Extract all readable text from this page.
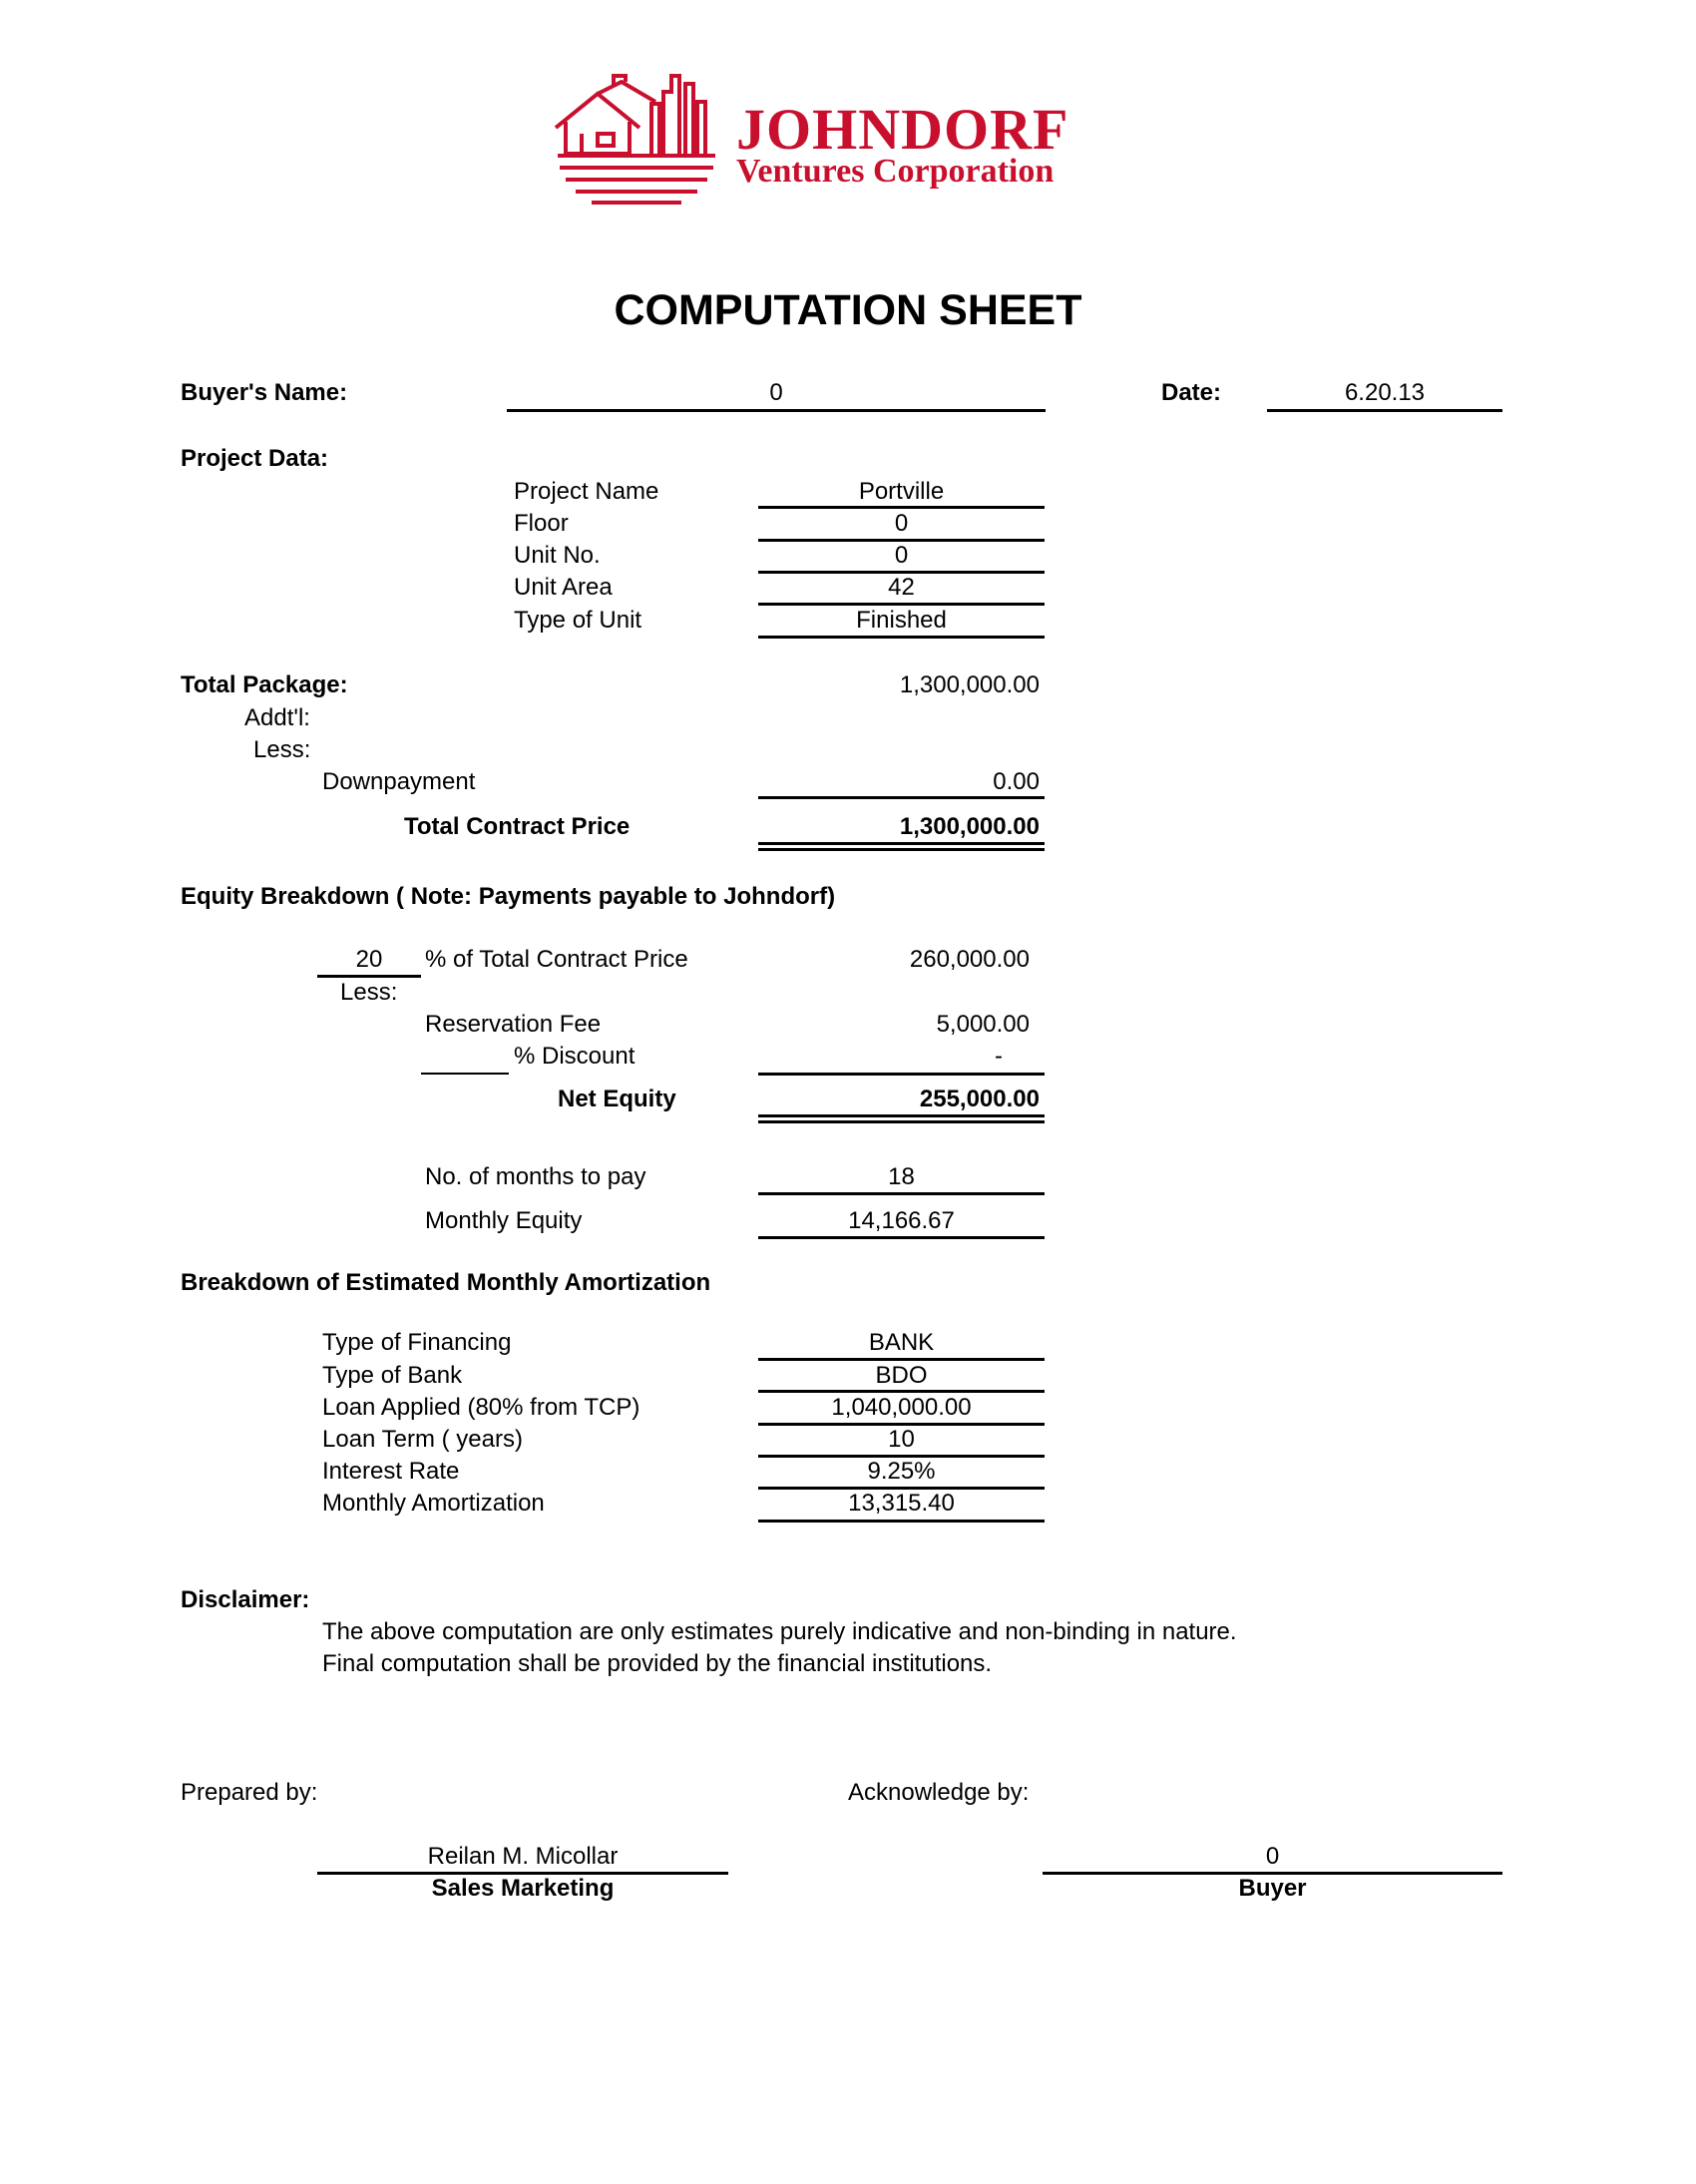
JOHNDORF
Ventures Corporation
COMPUTATION SHEET
Buyer's Name:	0	Date:	6.20.13
Project Data:
Project Name	Portville
Floor	0
Unit No.	0
Unit Area	42
Type of Unit	Finished
Total Package:	1,300,000.00
Addt'l:
Less:
Downpayment	0.00
Total Contract Price	1,300,000.00
Equity Breakdown ( Note: Payments payable to Johndorf)
20	% of Total Contract Price	260,000.00
Less:
Reservation Fee	5,000.00
% Discount	-
Net Equity	255,000.00
No. of months to pay	18
Monthly Equity	14,166.67
Breakdown of Estimated Monthly Amortization
Type of Financing	BANK
Type of Bank	BDO
Loan Applied (80% from TCP)	1,040,000.00
Loan Term ( years)	10
Interest Rate	9.25%
Monthly Amortization	13,315.40
Disclaimer:
The above computation are only estimates purely indicative and non-binding in nature.
Final computation shall be provided by the financial institutions.
Prepared by:
Reilan M. Micollar
Sales Marketing
Acknowledge by:
0
Buyer
